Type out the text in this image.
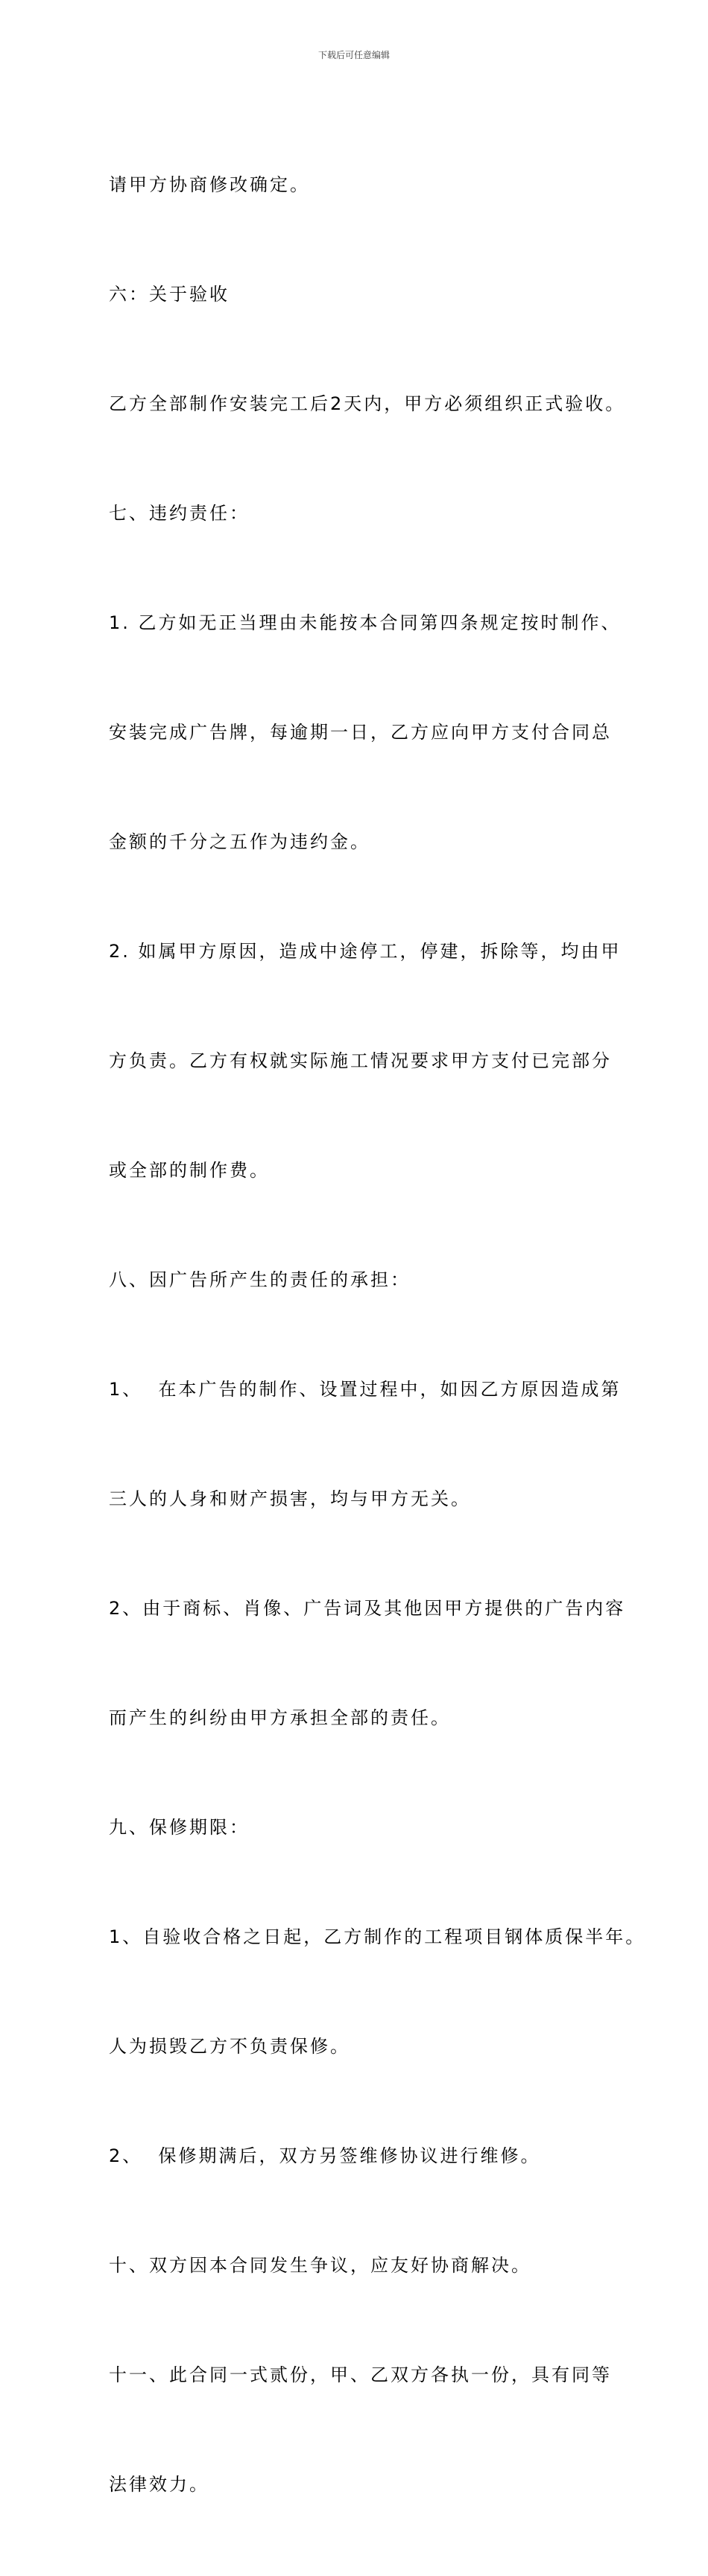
下载后可任意编辑

请甲方协商修改确定。

六：关于验收

乙方全部制作安装完工后2天内，甲方必须组织正式验收。

七、违约责任：

1. 乙方如无正当理由未能按本合同第四条规定按时制作、

安装完成广告牌，每逾期一日，乙方应向甲方支付合同总

金额的千分之五作为违约金。

2. 如属甲方原因，造成中途停工，停建，拆除等，均由甲

方负责。乙方有权就实际施工情况要求甲方支付已完部分

或全部的制作费。

八、因广告所产生的责任的承担：

1、  在本广告的制作、设置过程中，如因乙方原因造成第

三人的人身和财产损害，均与甲方无关。

2、由于商标、肖像、广告词及其他因甲方提供的广告内容

而产生的纠纷由甲方承担全部的责任。

九、保修期限：

1、自验收合格之日起，乙方制作的工程项目钢体质保半年。

人为损毁乙方不负责保修。

2、  保修期满后，双方另签维修协议进行维修。

十、双方因本合同发生争议，应友好协商解决。

十一、此合同一式贰份，甲、乙双方各执一份，具有同等

法律效力。
